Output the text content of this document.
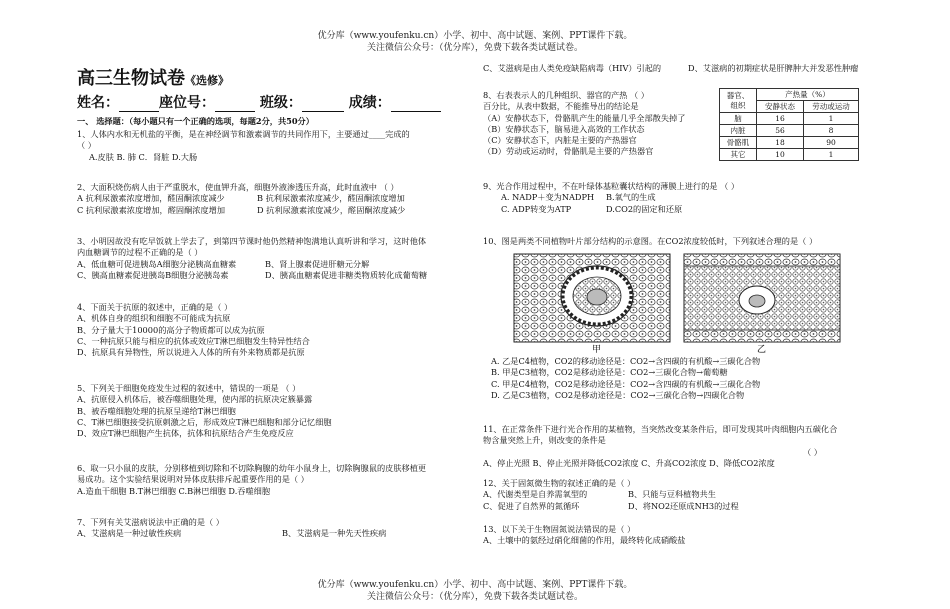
优分库（www.youfenku.cn）小学、初中、高中试题、案例、PPT课件下载。
关注微信公众号：（优分库），免费下载各类试题试卷。
高三生物试卷《选修》
姓名：	座位号：	班级：	成绩：
一、 选择题：（每小题只有一个正确的选项，每题2分，共50分）
1、人体内水和无机盐的平衡，是在神经调节和激素调节的共同作用下，主要通过____完成的
（ ）
A.皮肤 B. 肺 C．肾脏 D.大肠
2、大面积烧伤病人由于严重脱水，使血钾升高，细胞外液渗透压升高，此时血液中 （ ）
A 抗利尿激素浓度增加，醛固酮浓度减少	B 抗利尿激素浓度减少，醛固酮浓度增加
C 抗利尿激素浓度增加，醛固酮浓度增加	D 抗利尿激素浓度减少，醛固酮浓度减少
3、小明因故没有吃早饭就上学去了，到第四节课时他仍然精神饱满地认真听讲和学习，这时他体
内血糖调节的过程不正确的是（ ）
A、低血糖可促进胰岛A细胞分泌胰高血糖素	B、肾上腺素促进肝糖元分解
C、胰高血糖素促进胰岛B细胞分泌胰岛素	D、胰高血糖素促进非糖类物质转化成葡萄糖
4、下面关于抗原的叙述中，正确的是（ ）
A、机体自身的组织和细胞不可能成为抗原
B、分子量大于10000的高分子物质都可以成为抗原
C、一种抗原只能与相应的抗体或效应T淋巴细胞发生特异性结合
D、抗原具有异物性，所以说进入人体的所有外来物质都是抗原
5、下列关于细胞免疫发生过程的叙述中，错误的一项是 （ ）
A、抗原侵入机体后，被吞噬细胞处理，使内部的抗原决定簇暴露
B、被吞噬细胞处理的抗原呈递给T淋巴细胞
C、T淋巴细胞接受抗原刺激之后，形成效应T淋巴细胞和部分记忆细胞
D、效应T淋巴细胞产生抗体，抗体和抗原结合产生免疫反应
6、取一只小鼠的皮肤，分别移植到切除和不切除胸腺的幼年小鼠身上，切除胸腺鼠的皮肤移植更
易成功。这个实验结果说明对异体皮肤排斥起重要作用的是（ ）
A.造血干细胞 B.T淋巴细胞 C.B淋巴细胞 D.吞噬细胞
7、下列有关艾滋病说法中正确的是（ ）
A、艾滋病是一种过敏性疾病	B、艾滋病是一种先天性疾病
C、艾滋病是由人类免疫缺陷病毒（HIV）引起的	D、艾滋病的初期症状是肝脾肿大并发恶性肿瘤
8、右表表示人的几种组织、器官的产热 （ ）
百分比，从表中数据，不能推导出的结论是
（A）安静状态下，骨骼肌产生的能量几乎全部散失掉了
（B）安静状态下，脑易进入高效的工作状态
（C）安静状态下，内脏是主要的产热器官
（D）劳动或运动时，骨骼肌是主要的产热器官
9、光合作用过程中，不在叶绿体基粒囊状结构的薄膜上进行的是 （ ）
A. NADP＋变为NADPH	B.氧气的生成
C. ADP转变为ATP	D.CO2的固定和还原
10、图是两类不同植物叶片部分结构的示意图。在CO2浓度较低时，下列叙述合理的是（ ）
A. 乙是C4植物，CO2的移动途径是：CO2→含四碳的有机酸→三碳化合物
B. 甲是C3植物，CO2是移动途径是：CO2→三碳化合物→葡萄糖
C. 甲是C4植物，CO2是移动途径是：CO2→含四碳的有机酸→三碳化合物
D. 乙是C3植物，CO2是移动途径是：CO2→三碳化合物→四碳化合物
11、在正常条件下进行光合作用的某植物，当突然改变某条件后，即可发现其叶肉细胞内五碳化合
物含量突然上升，则改变的条件是
（ ）
A、停止光照 B、停止光照并降低CO2浓度 C、升高CO2浓度 D、降低CO2浓度
12、关于固氮微生物的叙述正确的是（ ）
A、代谢类型是自养需氧型的	B、只能与豆科植物共生
C、促进了自然界的氮循环	D、将NO2还原成NH3的过程
13、以下关于生物固氮说法错误的是（ ）
A、土壤中的氨经过硝化细菌的作用，最终转化成硝酸盐
器官、
组织	产热量（%）	
	安静状态	劳动或运动
脑	16	1
内脏	56	8
骨骼肌	18	90
其它	10	1
甲	乙
优分库（www.youfenku.cn）小学、初中、高中试题、案例、PPT课件下载。
关注微信公众号：（优分库），免费下载各类试题试卷。
